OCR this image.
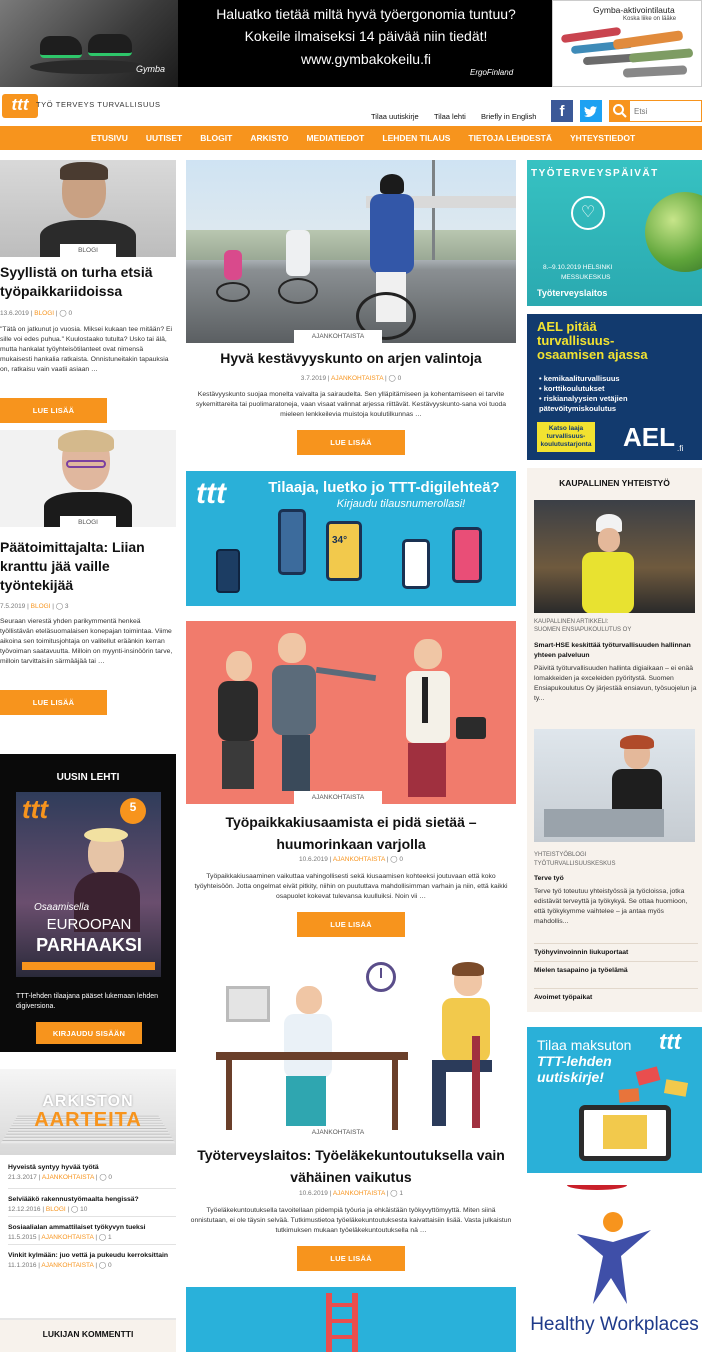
Gymba
Haluatko tietää miltä hyvä työergonomia tuntuu?
Kokeile ilmaiseksi 14 päivää niin tiedät!
www.gymbakokeilu.fi
ErgoFinland
Gymba-aktivointilauta
Koska liike on lääke
ttt	TYÖ TERVEYS TURVALLISUUS
Tilaa uutiskirje Tilaa lehti Briefly in English	f
Etsi
ETUSIVU	UUTISET	BLOGIT	ARKISTO	MEDIATIEDOT	LEHDEN TILAUS	TIETOJA LEHDESTÄ	YHTEYSTIEDOT
BLOGI
Syyllistä on turha etsiä työpaikkariidoissa
13.6.2019 | BLOGI | ◯ 0
"Tätä on jatkunut jo vuosia. Miksei kukaan tee mitään? Ei sille voi edes puhua." Kuulostaako tutulta? Usko tai älä, mutta hankalat työyhteisötilanteet ovat nimensä mukaisesti hankalia ratkaista. Onnistuneitakin tapauksia on, ratkaisu vain vaatii asiaan …
LUE LISÄÄ
BLOGI
Päätoimittajalta: Liian kranttu jää vaille työntekijää
7.5.2019 | BLOGI | ◯ 3
Seuraan vierestä yhden parikymmentä henkeä työllistävän eteläsuomalaisen konepajan toimintaa. Viime aikoina sen toimitusjohtaja on valitellut eräänkin kerran työvoiman saatavuutta. Milloin on myynti-insinöörin tarve, milloin tarvittaisiin särmääjää tai …
LUE LISÄÄ
UUSIN LEHTI
ttt	5
Osaamisella
EUROOPAN
PARHAAKSI
TTT-lehden tilaajana pääset lukemaan lehden digiversiona.
KIRJAUDU SISÄÄN
ARKISTON
AARTEITA
Hyveistä syntyy hyvää työtä
21.3.2017 | AJANKOHTAISTA | ◯ 0
Selviääkö rakennustyömaalta hengissä?
12.12.2016 | BLOGI | ◯ 10
Sosiaalialan ammattilaiset työkyvyn tueksi
11.5.2015 | AJANKOHTAISTA | ◯ 1
Vinkit kylmään: juo vettä ja pukeudu kerroksittain
11.1.2016 | AJANKOHTAISTA | ◯ 0
LUKIJAN KOMMENTTI
AJANKOHTAISTA
Hyvä kestävyyskunto on arjen valintoja
3.7.2019 | AJANKOHTAISTA | ◯ 0
Kestävyyskunto suojaa monelta vaivalta ja sairaudelta. Sen ylläpitämiseen ja kohentamiseen ei tarvite sykemittareita tai puolimaratoneja, vaan visaat valinnat arjessa riittävät. Kestävyyskunto-sana voi tuoda mieleen lenkkeilevia muistoja koulutilkunnas …
LUE LISÄÄ
ttt	Tilaaja, luetko jo TTT-digilehteä?
Kirjaudu tilausnumerollasi!
34°
AJANKOHTAISTA
Työpaikkakiusaamista ei pidä sietää – huumorinkaan varjolla
10.6.2019 | AJANKOHTAISTA | ◯ 0
Työpaikkakiusaaminen vaikuttaa vahingollisesti sekä kiusaamisen kohteeksi joutuvaan että koko työyhteisöön. Jotta ongelmat eivät pitkity, niihin on puututtava mahdollisimman varhain ja niin, että kaikki osapuolet kokevat tulevansa kuulluiksi. Noin vii …
LUE LISÄÄ
AJANKOHTAISTA
Työterveyslaitos: Työeläkekuntoutuksella vain vähäinen vaikutus
10.6.2019 | AJANKOHTAISTA | ◯ 1
Työeläkekuntoutuksella tavoitellaan pidempiä työuria ja ehkäistään työkyvyttömyyttä. Miten siinä onnistutaan, ei ole täysin selvää. Tutkimustietoa työeläkekuntoutuksesta kaivattaisiin lisää. Vasta julkaistun tutkimuksen mukaan työeläkekuntoutuksella nä …
LUE LISÄÄ
TYÖTERVEYSPÄIVÄT
♡
8.–9.10.2019 HELSINKI
MESSUKESKUS
Työterveyslaitos
AEL pitää turvallisuus-osaamisen ajassa
• kemikaaliturvallisuus
• korttikoulutukset
• riskianalyysien vetäjien pätevöitymiskoulutus
Katso laaja turvallisuus-koulutustarjonta AEL .fi
KAUPALLINEN YHTEISTYÖ
KAUPALLINEN ARTIKKELI:
SUOMEN ENSIAPUKOULUTUS OY
Smart-HSE keskittää työturvallisuuden hallinnan yhteen palveluun
Päivitä työturvallisuuden hallinta digiaikaan – ei enää lomakkeiden ja exceleiden pyöritystä. Suomen Ensiapukoulutus Oy järjestää ensiavun, työsuojelun ja ty...
YHTEISTYÖBLOGI
TYÖTURVALLISUUSKESKUS
Terve työ
Terve työ toteutuu yhteistyössä ja työcloissa, jotka edistävät terveyttä ja työkykyä. Se ottaa huomioon, että työkykymme vaihtelee – ja antaa myös mahdollis...
Työhyvinvoinnin liukuportaat
Mielen tasapaino ja työelämä
Avoimet työpaikat
Tilaa maksuton
TTT-lehden
uutiskirje!
ttt
Healthy Workplaces
